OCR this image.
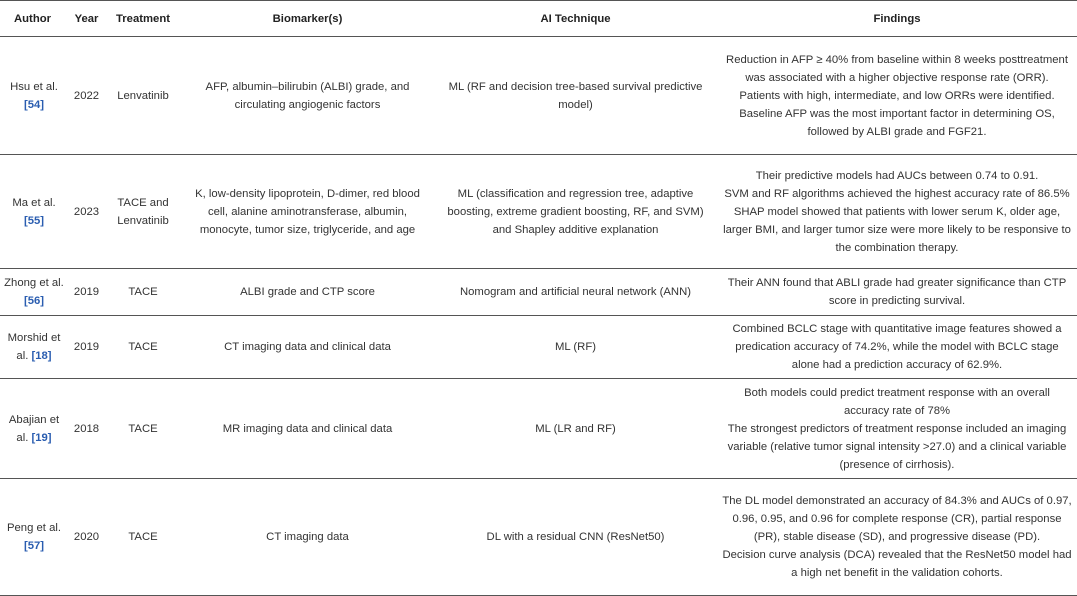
Author	Year	Treatment	Biomarker(s)	AI Technique	Findings
Hsu et al. [54]	2022	Lenvatinib	AFP, albumin–bilirubin (ALBI) grade, and circulating angiogenic factors	ML (RF and decision tree-based survival predictive model)	Reduction in AFP ≥ 40% from baseline within 8 weeks posttreatment was associated with a higher objective response rate (ORR).
Patients with high, intermediate, and low ORRs were identified.
Baseline AFP was the most important factor in determining OS, followed by ALBI grade and FGF21.

Ma et al. [55]	2023	TACE and Lenvatinib	K, low-density lipoprotein, D-dimer, red blood cell, alanine aminotransferase, albumin, monocyte, tumor size, triglyceride, and age	ML (classification and regression tree, adaptive boosting, extreme gradient boosting, RF, and SVM) and Shapley additive explanation	Their predictive models had AUCs between 0.74 to 0.91.
SVM and RF algorithms achieved the highest accuracy rate of 86.5%
SHAP model showed that patients with lower serum K, older age, larger BMI, and larger tumor size were more likely to be responsive to the combination therapy.

Zhong et al. [56]	2019	TACE	ALBI grade and CTP score	Nomogram and artificial neural network (ANN)	Their ANN found that ABLI grade had greater significance than CTP score in predicting survival.

Morshid et al. [18]	2019	TACE	CT imaging data and clinical data	ML (RF)	Combined BCLC stage with quantitative image features showed a predication accuracy of 74.2%, while the model with BCLC stage alone had a prediction accuracy of 62.9%.

Abajian et al. [19]	2018	TACE	MR imaging data and clinical data	ML (LR and RF)	Both models could predict treatment response with an overall accuracy rate of 78%
The strongest predictors of treatment response included an imaging variable (relative tumor signal intensity >27.0) and a clinical variable (presence of cirrhosis).

Peng et al. [57]	2020	TACE	CT imaging data	DL with a residual CNN (ResNet50)	The DL model demonstrated an accuracy of 84.3% and AUCs of 0.97, 0.96, 0.95, and 0.96 for complete response (CR), partial response (PR), stable disease (SD), and progressive disease (PD).
Decision curve analysis (DCA) revealed that the ResNet50 model had a high net benefit in the validation cohorts.
